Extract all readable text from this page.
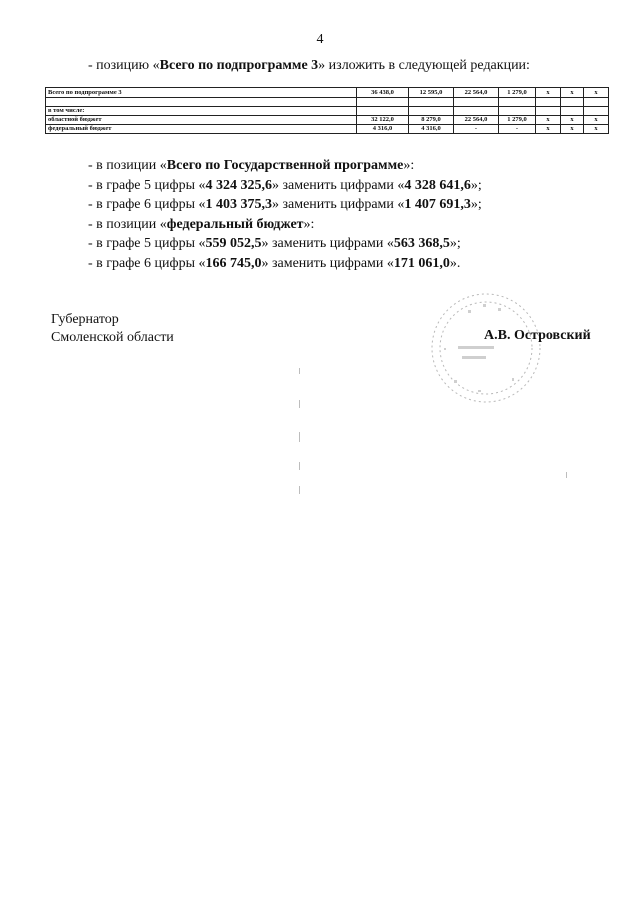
4
- позицию «Всего по подпрограмме 3» изложить в следующей редакции:
Всего по подпрограмме 3	36 438,0	12 595,0	22 564,0	1 279,0	х	х	х

в том числе:							
областной бюджет	32 122,0	8 279,0	22 564,0	1 279,0	х	х	х
федеральный бюджет	4 316,0	4 316,0	-	-	х	х	х
- в позиции «Всего по Государственной программе»:
- в графе 5 цифры «4 324 325,6» заменить цифрами «4 328 641,6»;
- в графе 6 цифры «1 403 375,3» заменить цифрами «1 407 691,3»;
- в позиции «федеральный бюджет»:
- в графе 5 цифры «559 052,5» заменить цифрами «563 368,5»;
- в графе 6 цифры «166 745,0» заменить цифрами «171 061,0».
Губернатор
Смоленской области	А.В. Островский
